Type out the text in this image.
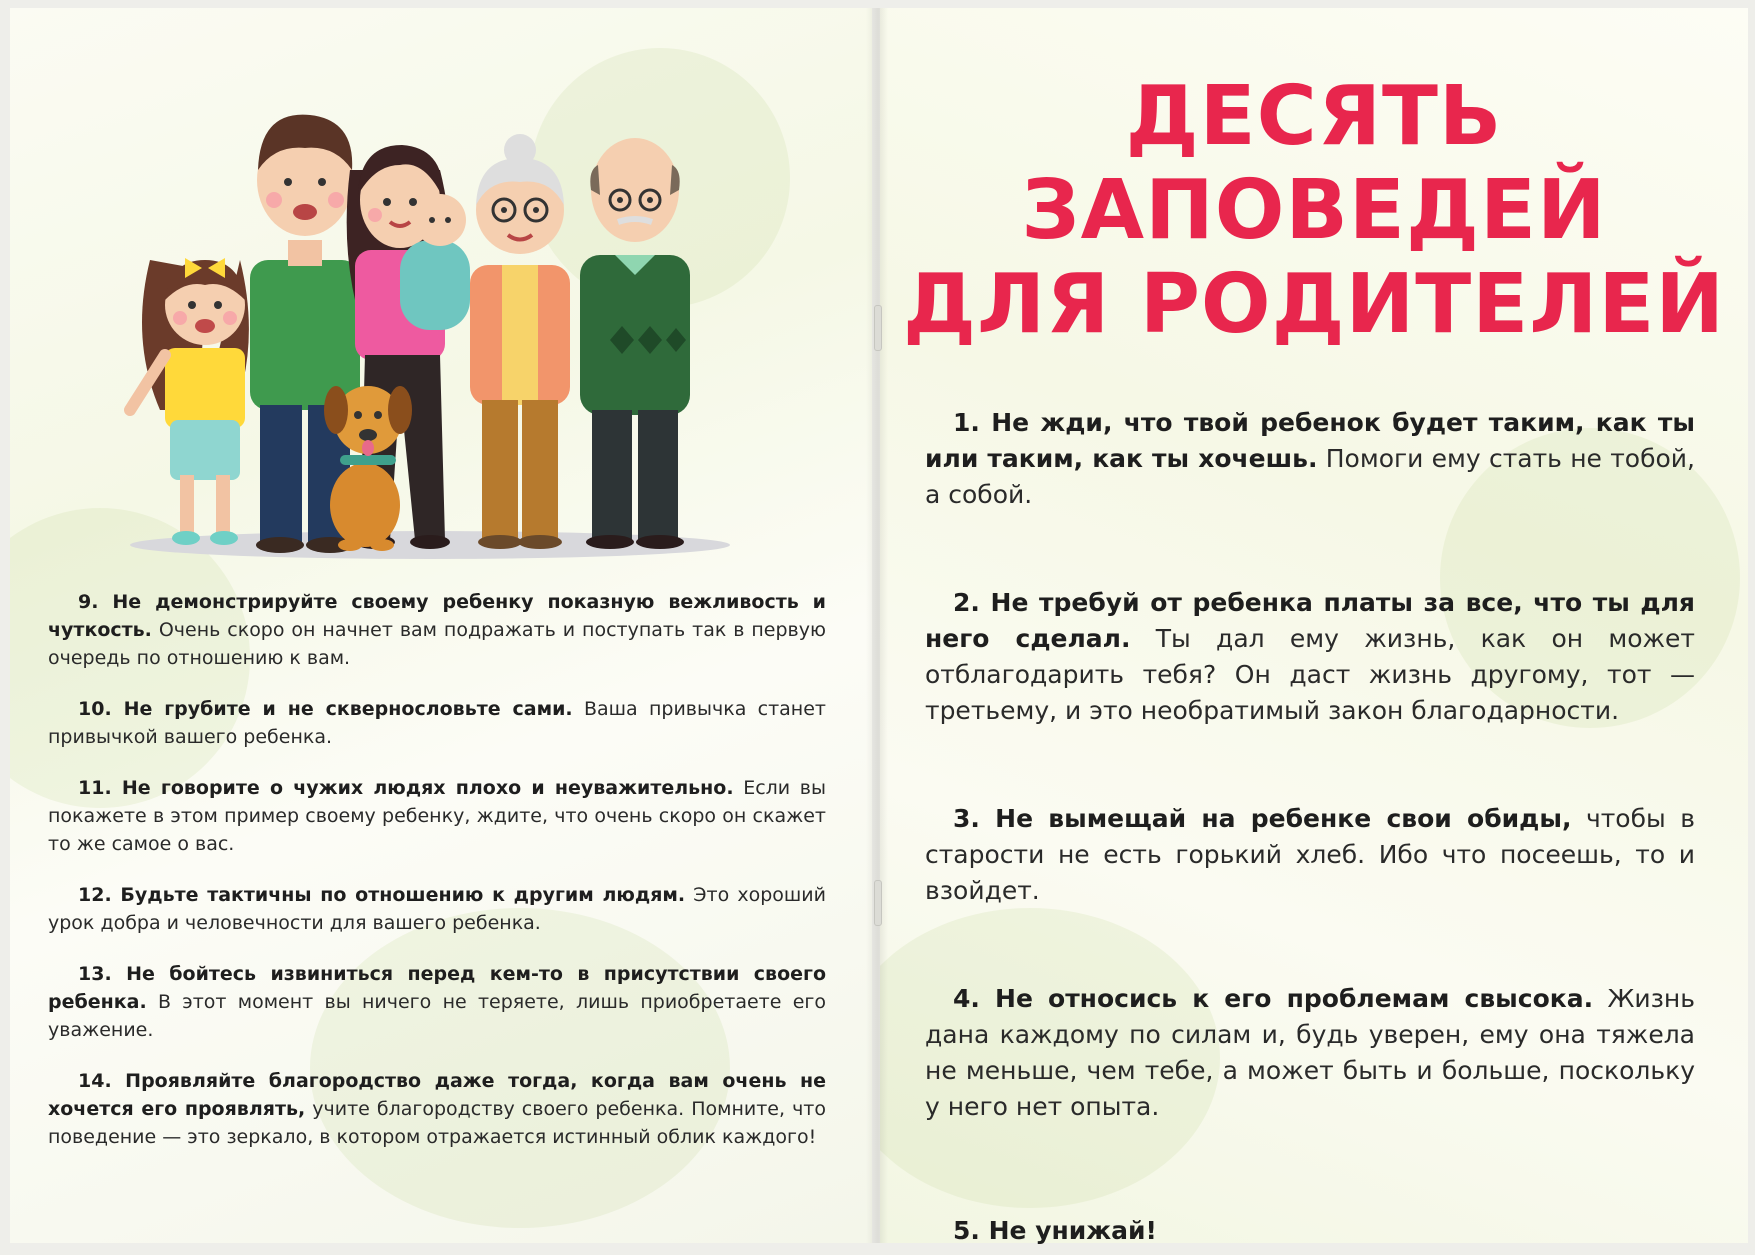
9. Не демонстрируйте своему ребенку показную вежливость и чуткость. Очень скоро он начнет вам подражать и поступать так в первую очередь по отношению к вам.

10. Не грубите и не сквернословьте сами. Ваша привычка станет привычкой вашего ребенка.

11. Не говорите о чужих людях плохо и неуважительно. Если вы покажете в этом пример своему ребенку, ждите, что очень скоро он скажет то же самое о вас.

12. Будьте тактичны по отношению к другим людям. Это хороший урок добра и человечности для вашего ребенка.

13. Не бойтесь извиниться перед кем-то в присутствии своего ребенка. В этот момент вы ничего не теряете, лишь приобретаете его уважение.

14. Проявляйте благородство даже тогда, когда вам очень не хочется его проявлять, учите благородству своего ребенка. Помните, что поведение — это зеркало, в котором отражается истинный облик каждого!

ДЕСЯТЬ
ЗАПОВЕДЕЙ
ДЛЯ РОДИТЕЛЕЙ

1. Не жди, что твой ребенок будет таким, как ты или таким, как ты хочешь. Помоги ему стать не тобой, а собой.

2. Не требуй от ребенка платы за все, что ты для него сделал. Ты дал ему жизнь, как он может отблагодарить тебя? Он даст жизнь другому, тот — третьему, и это необратимый закон благодарности.

3. Не вымещай на ребенке свои обиды, чтобы в старости не есть горький хлеб. Ибо что посеешь, то и взойдет.

4. Не относись к его проблемам свысока. Жизнь дана каждому по силам и, будь уверен, ему она тяжела не меньше, чем тебе, а может быть и больше, поскольку у него нет опыта.

5. Не унижай!
